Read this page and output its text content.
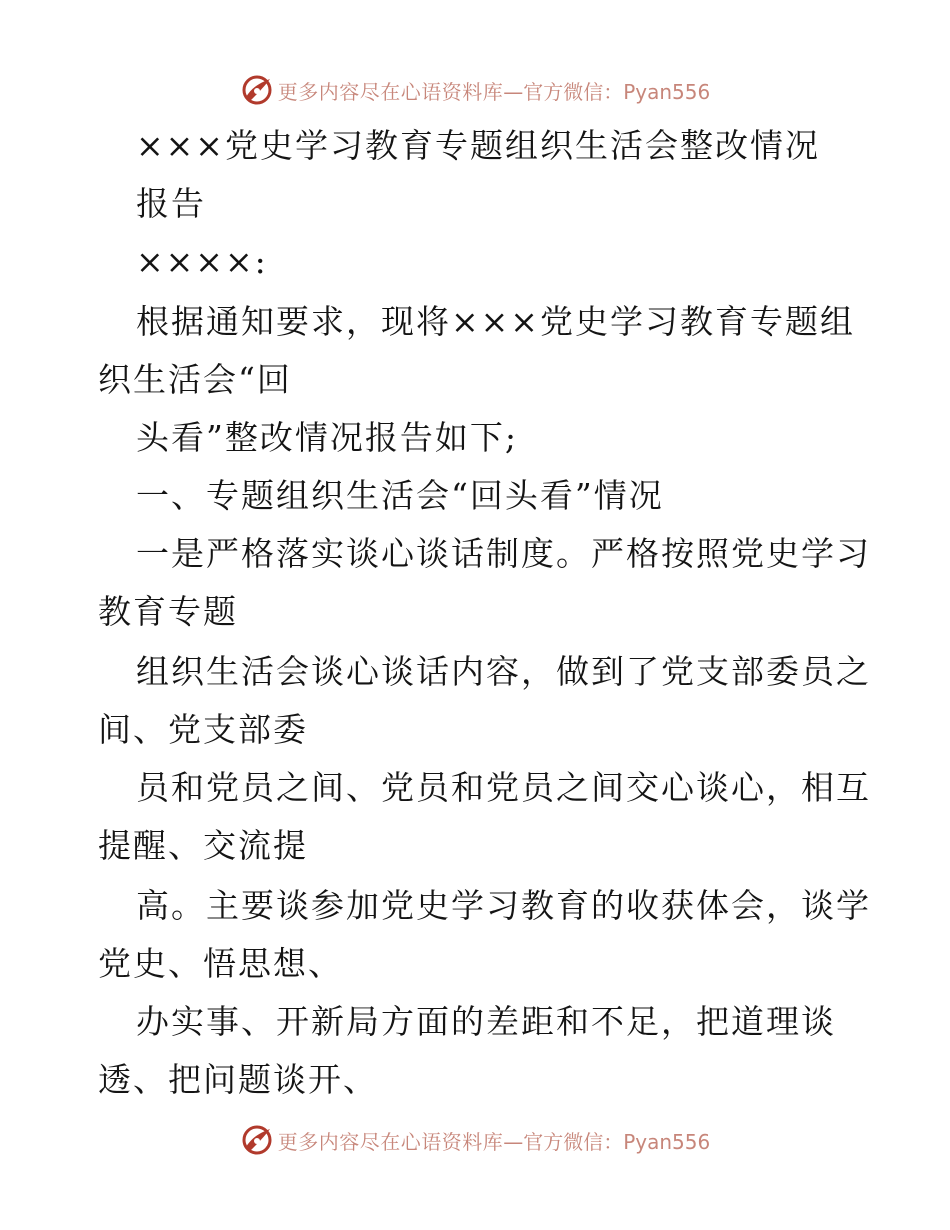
更多内容尽在心语资料库 —官方微信：Pyan556
×××党史学习教育专题组织生活会整改情况
报告
××××:
根据通知要求，现将×××党史学习教育专题组
织生活会“回
头看”整改情况报告如下;
一、专题组织生活会“回头看”情况
一是严格落实谈心谈话制度。严格按照党史学习
教育专题
组织生活会谈心谈话内容，做到了党支部委员之
间、党支部委
员和党员之间、党员和党员之间交心谈心，相互
提醒、交流提
高。主要谈参加党史学习教育的收获体会，谈学
党史、悟思想、
办实事、开新局方面的差距和不足，把道理谈
透、把问题谈开、
更多内容尽在心语资料库 —官方微信：Pyan556
